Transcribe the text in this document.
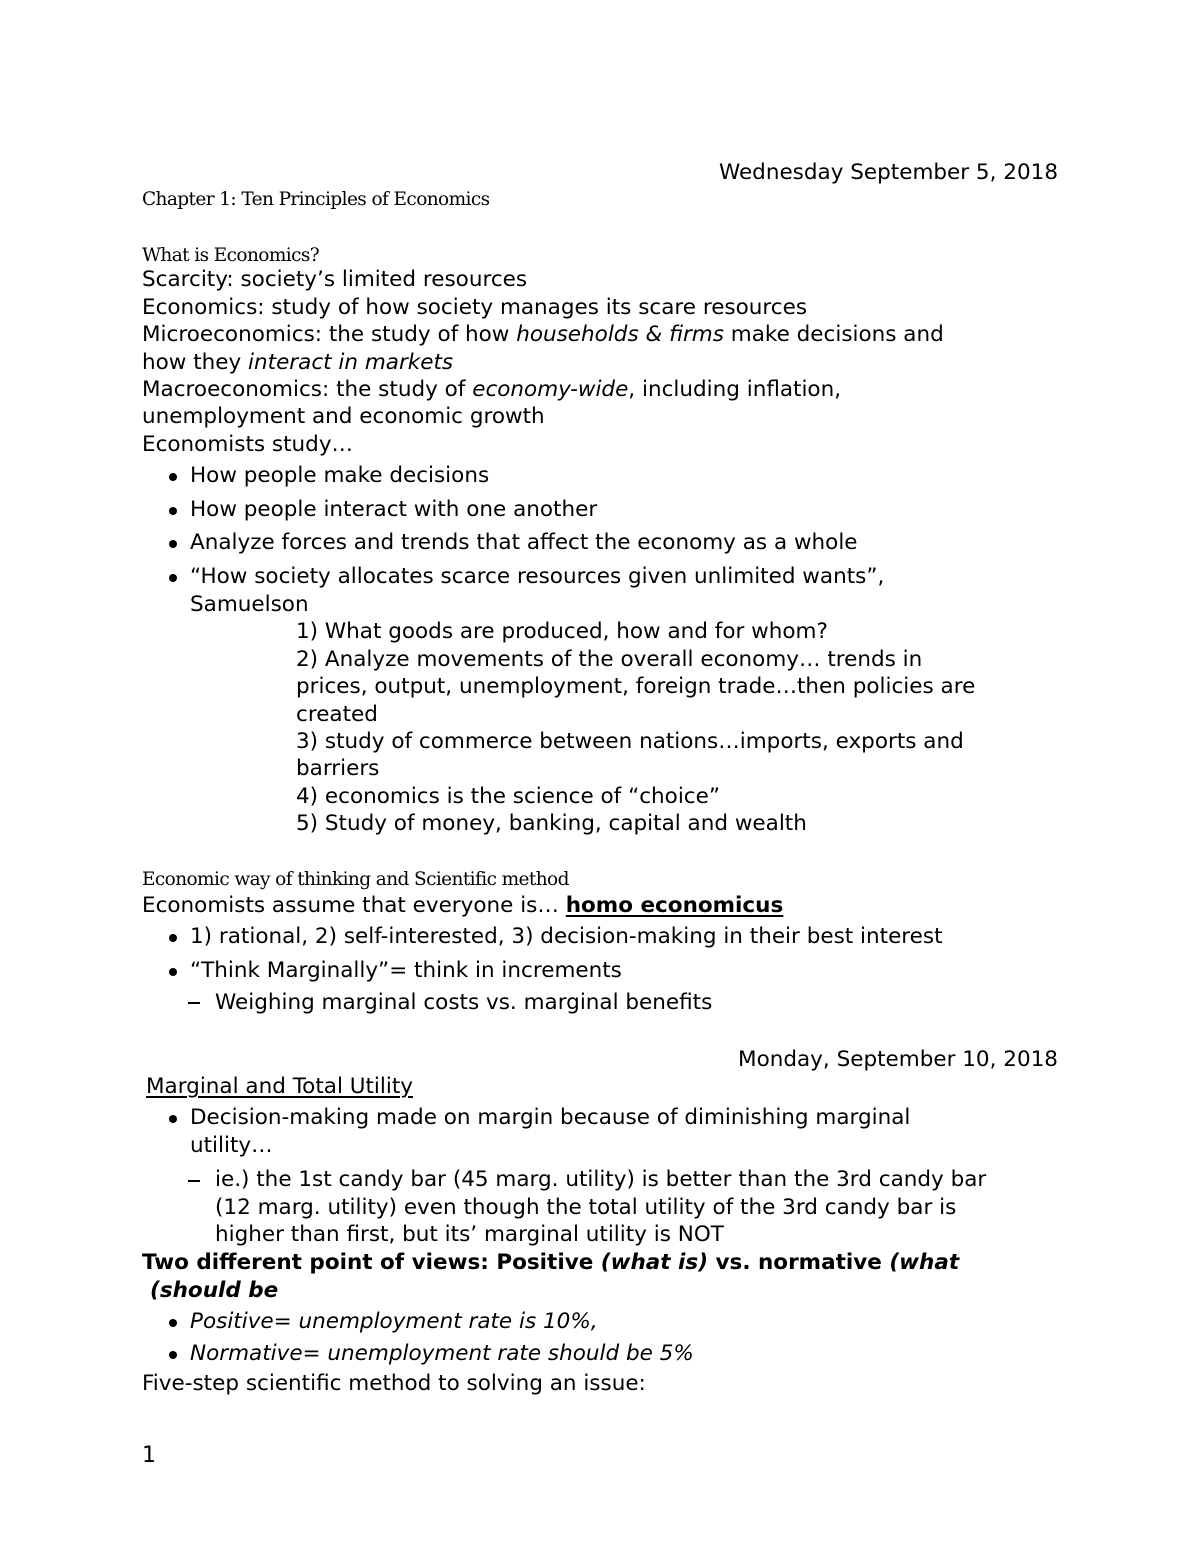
Wednesday September 5, 2018
Chapter 1: Ten Principles of Economics
What is Economics?
Scarcity: society’s limited resources
Economics: study of how society manages its scare resources
Microeconomics: the study of how households & firms make decisions and
how they interact in markets
Macroeconomics: the study of economy-wide, including inflation,
unemployment and economic growth
Economists study…
How people make decisions
How people interact with one another
Analyze forces and trends that affect the economy as a whole
“How society allocates scarce resources given unlimited wants”,
Samuelson
1) What goods are produced, how and for whom?
2) Analyze movements of the overall economy… trends in
prices, output, unemployment, foreign trade…then policies are
created
3) study of commerce between nations…imports, exports and
barriers
4) economics is the science of “choice”
5) Study of money, banking, capital and wealth
Economic way of thinking and Scientific method
Economists assume that everyone is… homo economicus
1) rational, 2) self-interested, 3) decision-making in their best interest
“Think Marginally”= think in increments
Weighing marginal costs vs. marginal benefits
Monday, September 10, 2018
Marginal and Total Utility
Decision-making made on margin because of diminishing marginal
utility…
ie.) the 1st candy bar (45 marg. utility) is better than the 3rd candy bar
(12 marg. utility) even though the total utility of the 3rd candy bar is
higher than first, but its’ marginal utility is NOT
Two different point of views: Positive (what is) vs. normative (what
(should be
Positive= unemployment rate is 10%,
Normative= unemployment rate should be 5%
Five-step scientific method to solving an issue:
1
